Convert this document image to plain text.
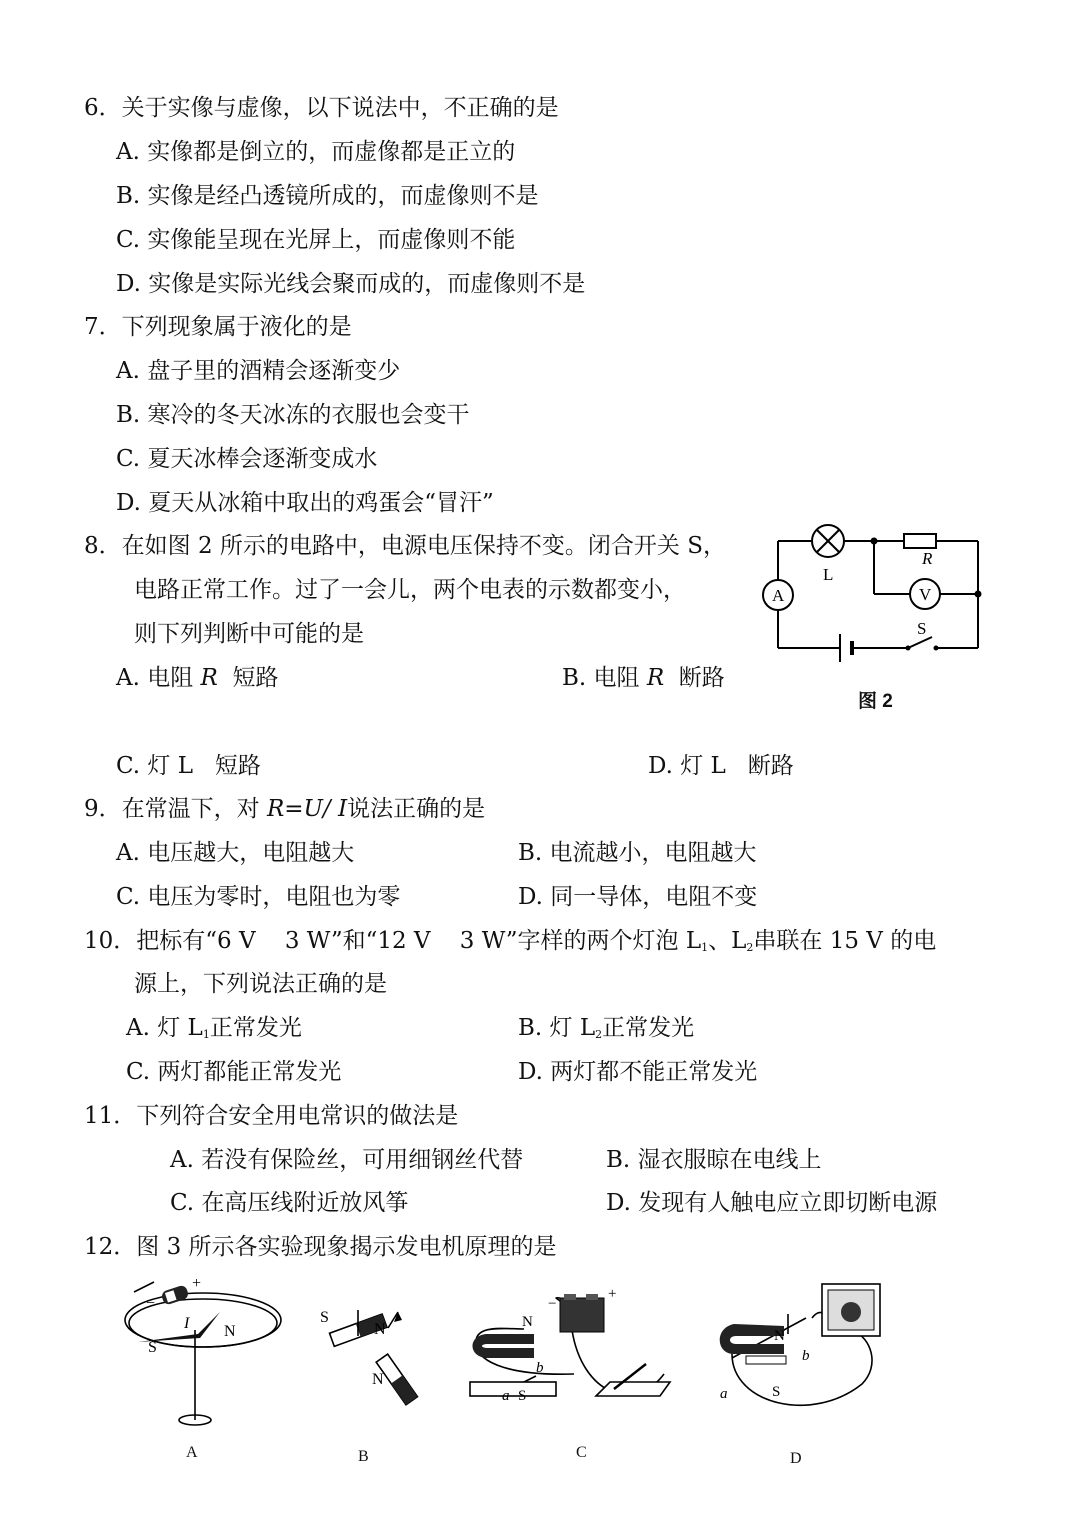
6．关于实像与虚像，以下说法中，不正确的是
A. 实像都是倒立的，而虚像都是正立的
B. 实像是经凸透镜所成的，而虚像则不是
C. 实像能呈现在光屏上，而虚像则不能
D. 实像是实际光线会聚而成的，而虚像则不是
7．下列现象属于液化的是
A. 盘子里的酒精会逐渐变少
B. 寒冷的冬天冰冻的衣服也会变干
C. 夏天冰棒会逐渐变成水
D. 夏天从冰箱中取出的鸡蛋会“冒汗”
8．在如图 2 所示的电路中，电源电压保持不变。闭合开关 S，
电路正常工作。过了一会儿，两个电表的示数都变小，
则下列判断中可能的是
A. 电阻 R  短路	B. 电阻 R  断路
C. 灯 L   短路	D. 灯 L   断路
L
R
V
A
S
图 2
9．在常温下，对 R=U/ I说法正确的是
A. 电压越大，电阻越大	B. 电流越小，电阻越大
C. 电压为零时，电阻也为零	D. 同一导体，电阻不变
10．把标有“6 V    3 W”和“12 V    3 W”字样的两个灯泡 $L_1$、$L_2$串联在 15 V 的电
源上，下列说法正确的是
A. 灯 $L_1$正常发光	B. 灯 $L_2$正常发光
C. 两灯都能正常发光	D. 两灯都不能正常发光
11．下列符合安全用电常识的做法是
A. 若没有保险丝，可用细钢丝代替	B. 湿衣服晾在电线上
C. 在高压线附近放风筝	D. 发现有人触电应立即切断电源
12．图 3 所示各实验现象揭示发电机原理的是
−
+
I N
S
S
N
N
−
+
N
b
a S
N
b
a	S
A	B	C	D
